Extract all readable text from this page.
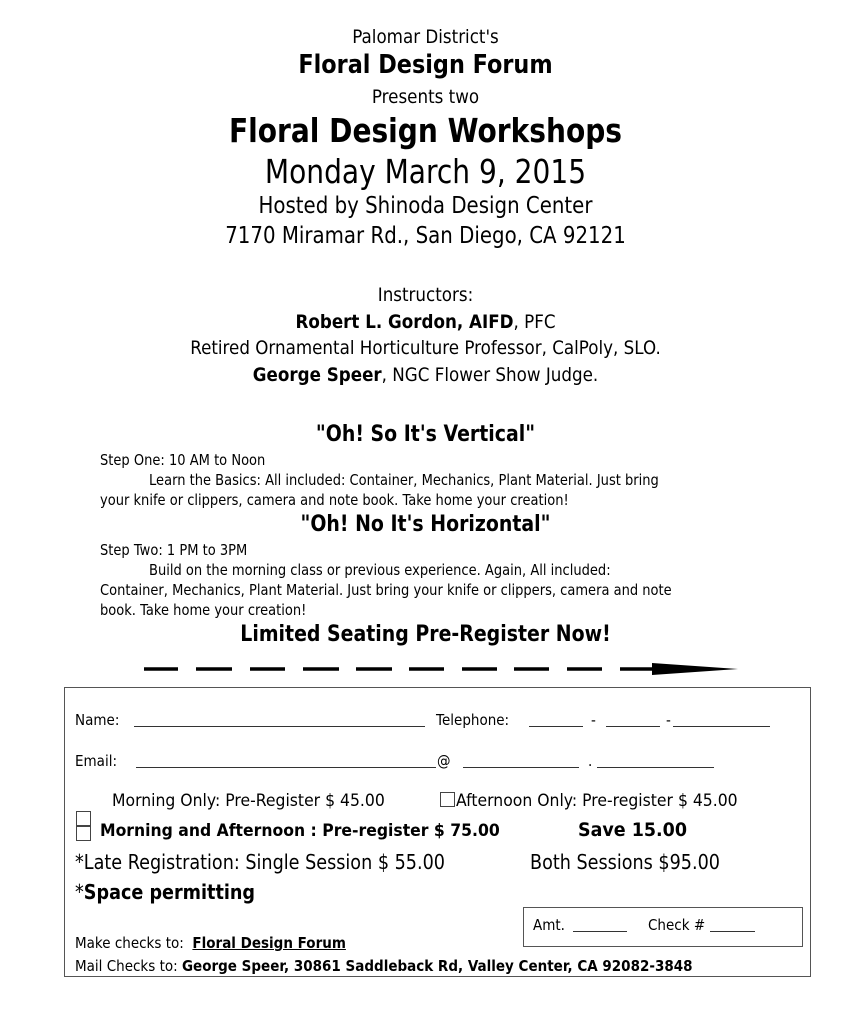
Palomar District's
Floral Design Forum
Presents two
Floral Design Workshops
Monday March 9, 2015
Hosted by Shinoda Design Center
7170 Miramar Rd., San Diego, CA 92121
Instructors:
Robert L. Gordon, AIFD, PFC
Retired Ornamental Horticulture Professor, CalPoly, SLO.
George Speer, NGC Flower Show Judge.
"Oh! So It's Vertical"
Step One: 10 AM to Noon
Learn the Basics: All included: Container, Mechanics, Plant Material. Just bring
your knife or clippers, camera and note book. Take home your creation!
"Oh! No It's Horizontal"
Step Two: 1 PM to 3PM
Build on the morning class or previous experience. Again, All included:
Container, Mechanics, Plant Material. Just bring your knife or clippers, camera and note
book. Take home your creation!
Limited Seating Pre-Register Now!
Name:	Telephone:	-	-
Email:	@	.
Morning Only: Pre-Register $ 45.00	Afternoon Only: Pre-register $ 45.00
Morning and Afternoon : Pre-register $ 75.00	Save 15.00
*Late Registration: Single Session $ 55.00	Both Sessions $95.00
*Space permitting
Amt.	Check #
Make checks to: Floral Design Forum
Mail Checks to: George Speer, 30861 Saddleback Rd, Valley Center, CA 92082-3848
